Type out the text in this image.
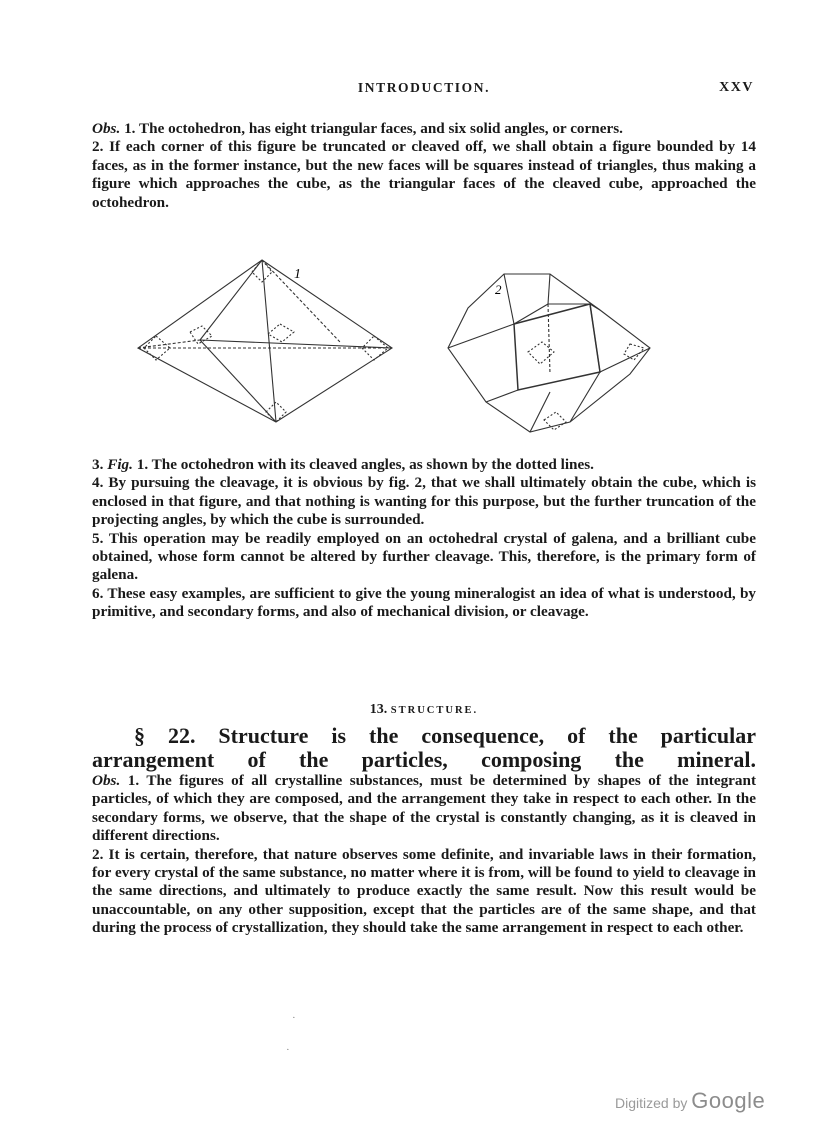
INTRODUCTION.	XXV

Obs. 1. The octohedron, has eight triangular faces, and six solid angles, or corners.

2. If each corner of this figure be truncated or cleaved off, we shall obtain a figure bounded by 14 faces, as in the former instance, but the new faces will be squares instead of triangles, thus making a figure which approaches the cube, as the triangular faces of the cleaved cube, approached the octohedron.

1
2

3. Fig. 1. The octohedron with its cleaved angles, as shown by the dotted lines.

4. By pursuing the cleavage, it is obvious by fig. 2, that we shall ultimately obtain the cube, which is enclosed in that figure, and that nothing is wanting for this purpose, but the further truncation of the projecting angles, by which the cube is surrounded.

5. This operation may be readily employed on an octohedral crystal of galena, and a brilliant cube obtained, whose form cannot be altered by further cleavage. This, therefore, is the primary form of galena.

6. These easy examples, are sufficient to give the young mineralogist an idea of what is understood, by primitive, and secondary forms, and also of mechanical division, or cleavage.

13. STRUCTURE.
§ 22. Structure is the consequence, of the particular
arrangement of the particles, composing the mineral.

Obs. 1. The figures of all crystalline substances, must be determined by shapes of the integrant particles, of which they are composed, and the arrangement they take in respect to each other. In the secondary forms, we observe, that the shape of the crystal is constantly changing, as it is cleaved in different directions.

2. It is certain, therefore, that nature observes some definite, and invariable laws in their formation, for every crystal of the same substance, no matter where it is from, will be found to yield to cleavage in the same directions, and ultimately to produce exactly the same result. Now this result would be unaccountable, on any other supposition, except that the particles are of the same shape, and that during the process of crystallization, they should take the same arrangement in respect to each other.

·
·
Digitized by Google
